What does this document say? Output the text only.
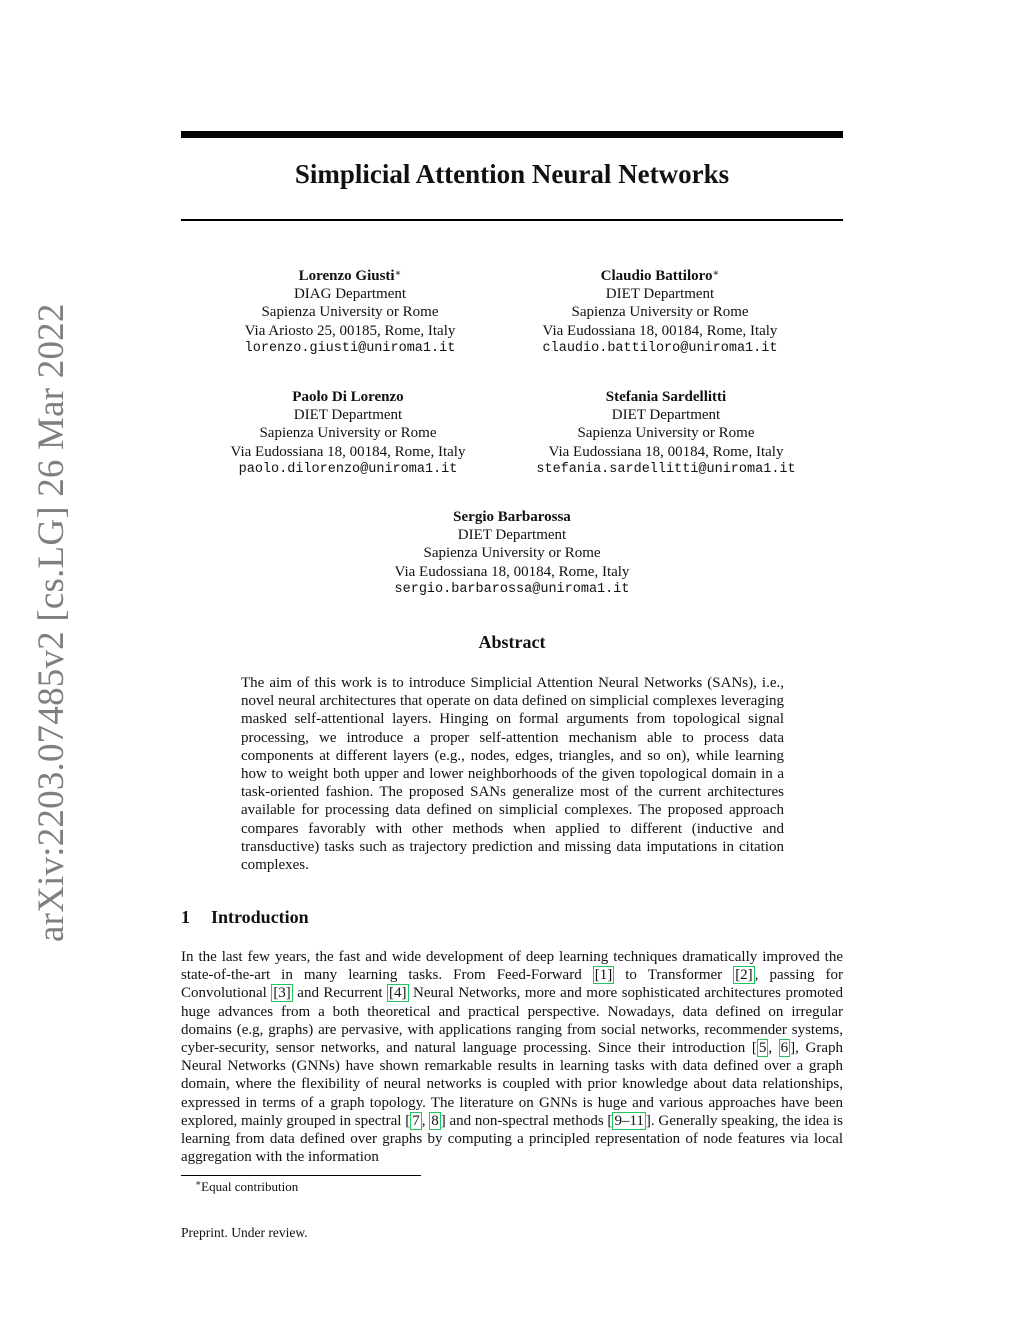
arXiv:2203.07485v2 [cs.LG] 26 Mar 2022
Simplicial Attention Neural Networks
Lorenzo Giusti∗
DIAG Department
Sapienza University or Rome
Via Ariosto 25, 00185, Rome, Italy
lorenzo.giusti@uniroma1.it
Claudio Battiloro∗
DIET Department
Sapienza University or Rome
Via Eudossiana 18, 00184, Rome, Italy
claudio.battiloro@uniroma1.it
Paolo Di Lorenzo
DIET Department
Sapienza University or Rome
Via Eudossiana 18, 00184, Rome, Italy
paolo.dilorenzo@uniroma1.it
Stefania Sardellitti
DIET Department
Sapienza University or Rome
Via Eudossiana 18, 00184, Rome, Italy
stefania.sardellitti@uniroma1.it
Sergio Barbarossa
DIET Department
Sapienza University or Rome
Via Eudossiana 18, 00184, Rome, Italy
sergio.barbarossa@uniroma1.it
Abstract

The aim of this work is to introduce Simplicial Attention Neural Networks (SANs), i.e., novel neural architectures that operate on data defined on simplicial complexes leveraging masked self-attentional layers. Hinging on formal arguments from topological signal processing, we introduce a proper self-attention mechanism able to process data components at different layers (e.g., nodes, edges, triangles, and so on), while learning how to weight both upper and lower neighborhoods of the given topological domain in a task-oriented fashion. The proposed SANs generalize most of the current architectures available for processing data defined on simplicial complexes. The proposed approach compares favorably with other methods when applied to different (inductive and transductive) tasks such as trajectory prediction and missing data imputations in citation complexes.

1 Introduction

In the last few years, the fast and wide development of deep learning techniques dramatically improved the state-of-the-art in many learning tasks. From Feed-Forward [1] to Transformer [2] , passing for Convolutional [3] and Recurrent [4] Neural Networks, more and more sophisticated architectures promoted huge advances from a both theoretical and practical perspective. Nowadays, data defined on irregular domains (e.g, graphs) are pervasive, with applications ranging from social networks, recommender systems, cyber-security, sensor networks, and natural language processing. Since their introduction [ 5 , 6 ], Graph Neural Networks (GNNs) have shown remarkable results in learning tasks with data defined over a graph domain, where the flexibility of neural networks is coupled with prior knowledge about data relationships, expressed in terms of a graph topology. The literature on GNNs is huge and various approaches have been explored, mainly grouped in spectral [ 7 , 8 ] and non-spectral methods [ 9–11 ]. Generally speaking, the idea is learning from data defined over graphs by computing a principled representation of node features via local aggregation with the information

∗Equal contribution
Preprint. Under review.
